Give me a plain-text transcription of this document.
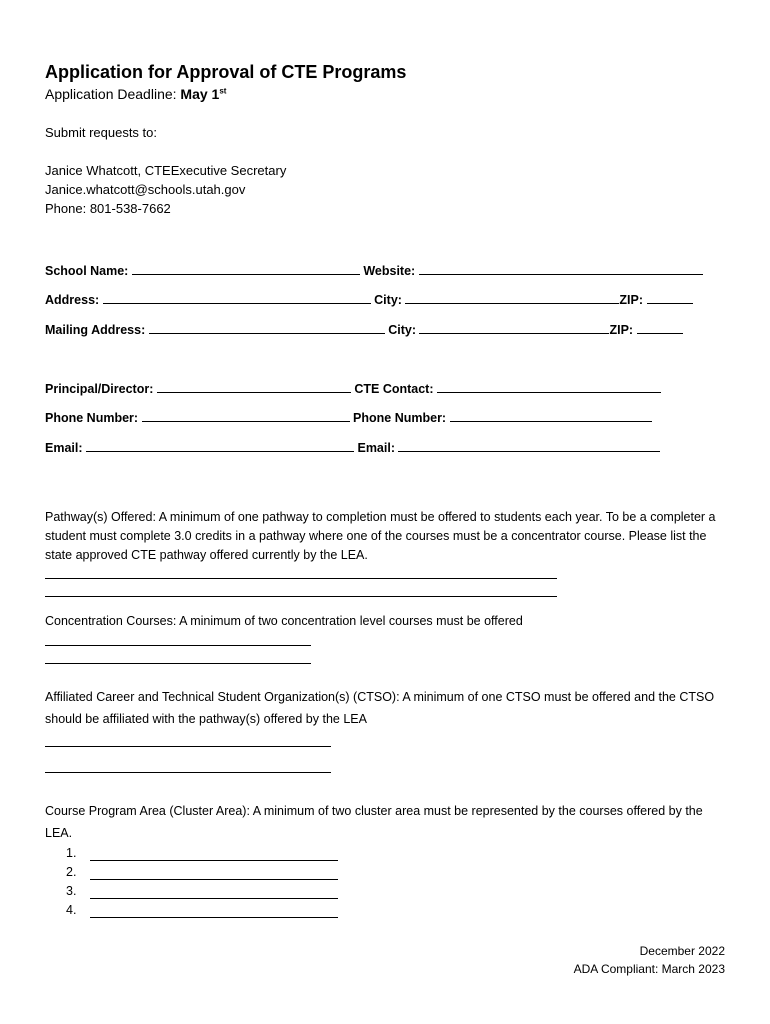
Application for Approval of CTE Programs
Application Deadline: May 1st
Submit requests to:
Janice Whatcott, CTEExecutive Secretary
Janice.whatcott@schools.utah.gov
Phone: 801-538-7662
School Name:	Website:
Address:	City:	ZIP:
Mailing Address:	City:	ZIP:
Principal/Director:	CTE Contact:
Phone Number:	Phone Number:
Email:	Email:
Pathway(s) Offered: A minimum of one pathway to completion must be offered to students each year. To be a completer a student must complete 3.0 credits in a pathway where one of the courses must be a concentrator course. Please list the state approved CTE pathway offered currently by the LEA.
Concentration Courses: A minimum of two concentration level courses must be offered
Affiliated Career and Technical Student Organization(s) (CTSO): A minimum of one CTSO must be offered and the CTSO should be affiliated with the pathway(s) offered by the LEA
Course Program Area (Cluster Area): A minimum of two cluster area must be represented by the courses offered by the LEA.
1.
2.
3.
4.
December 2022
ADA Compliant: March 2023
